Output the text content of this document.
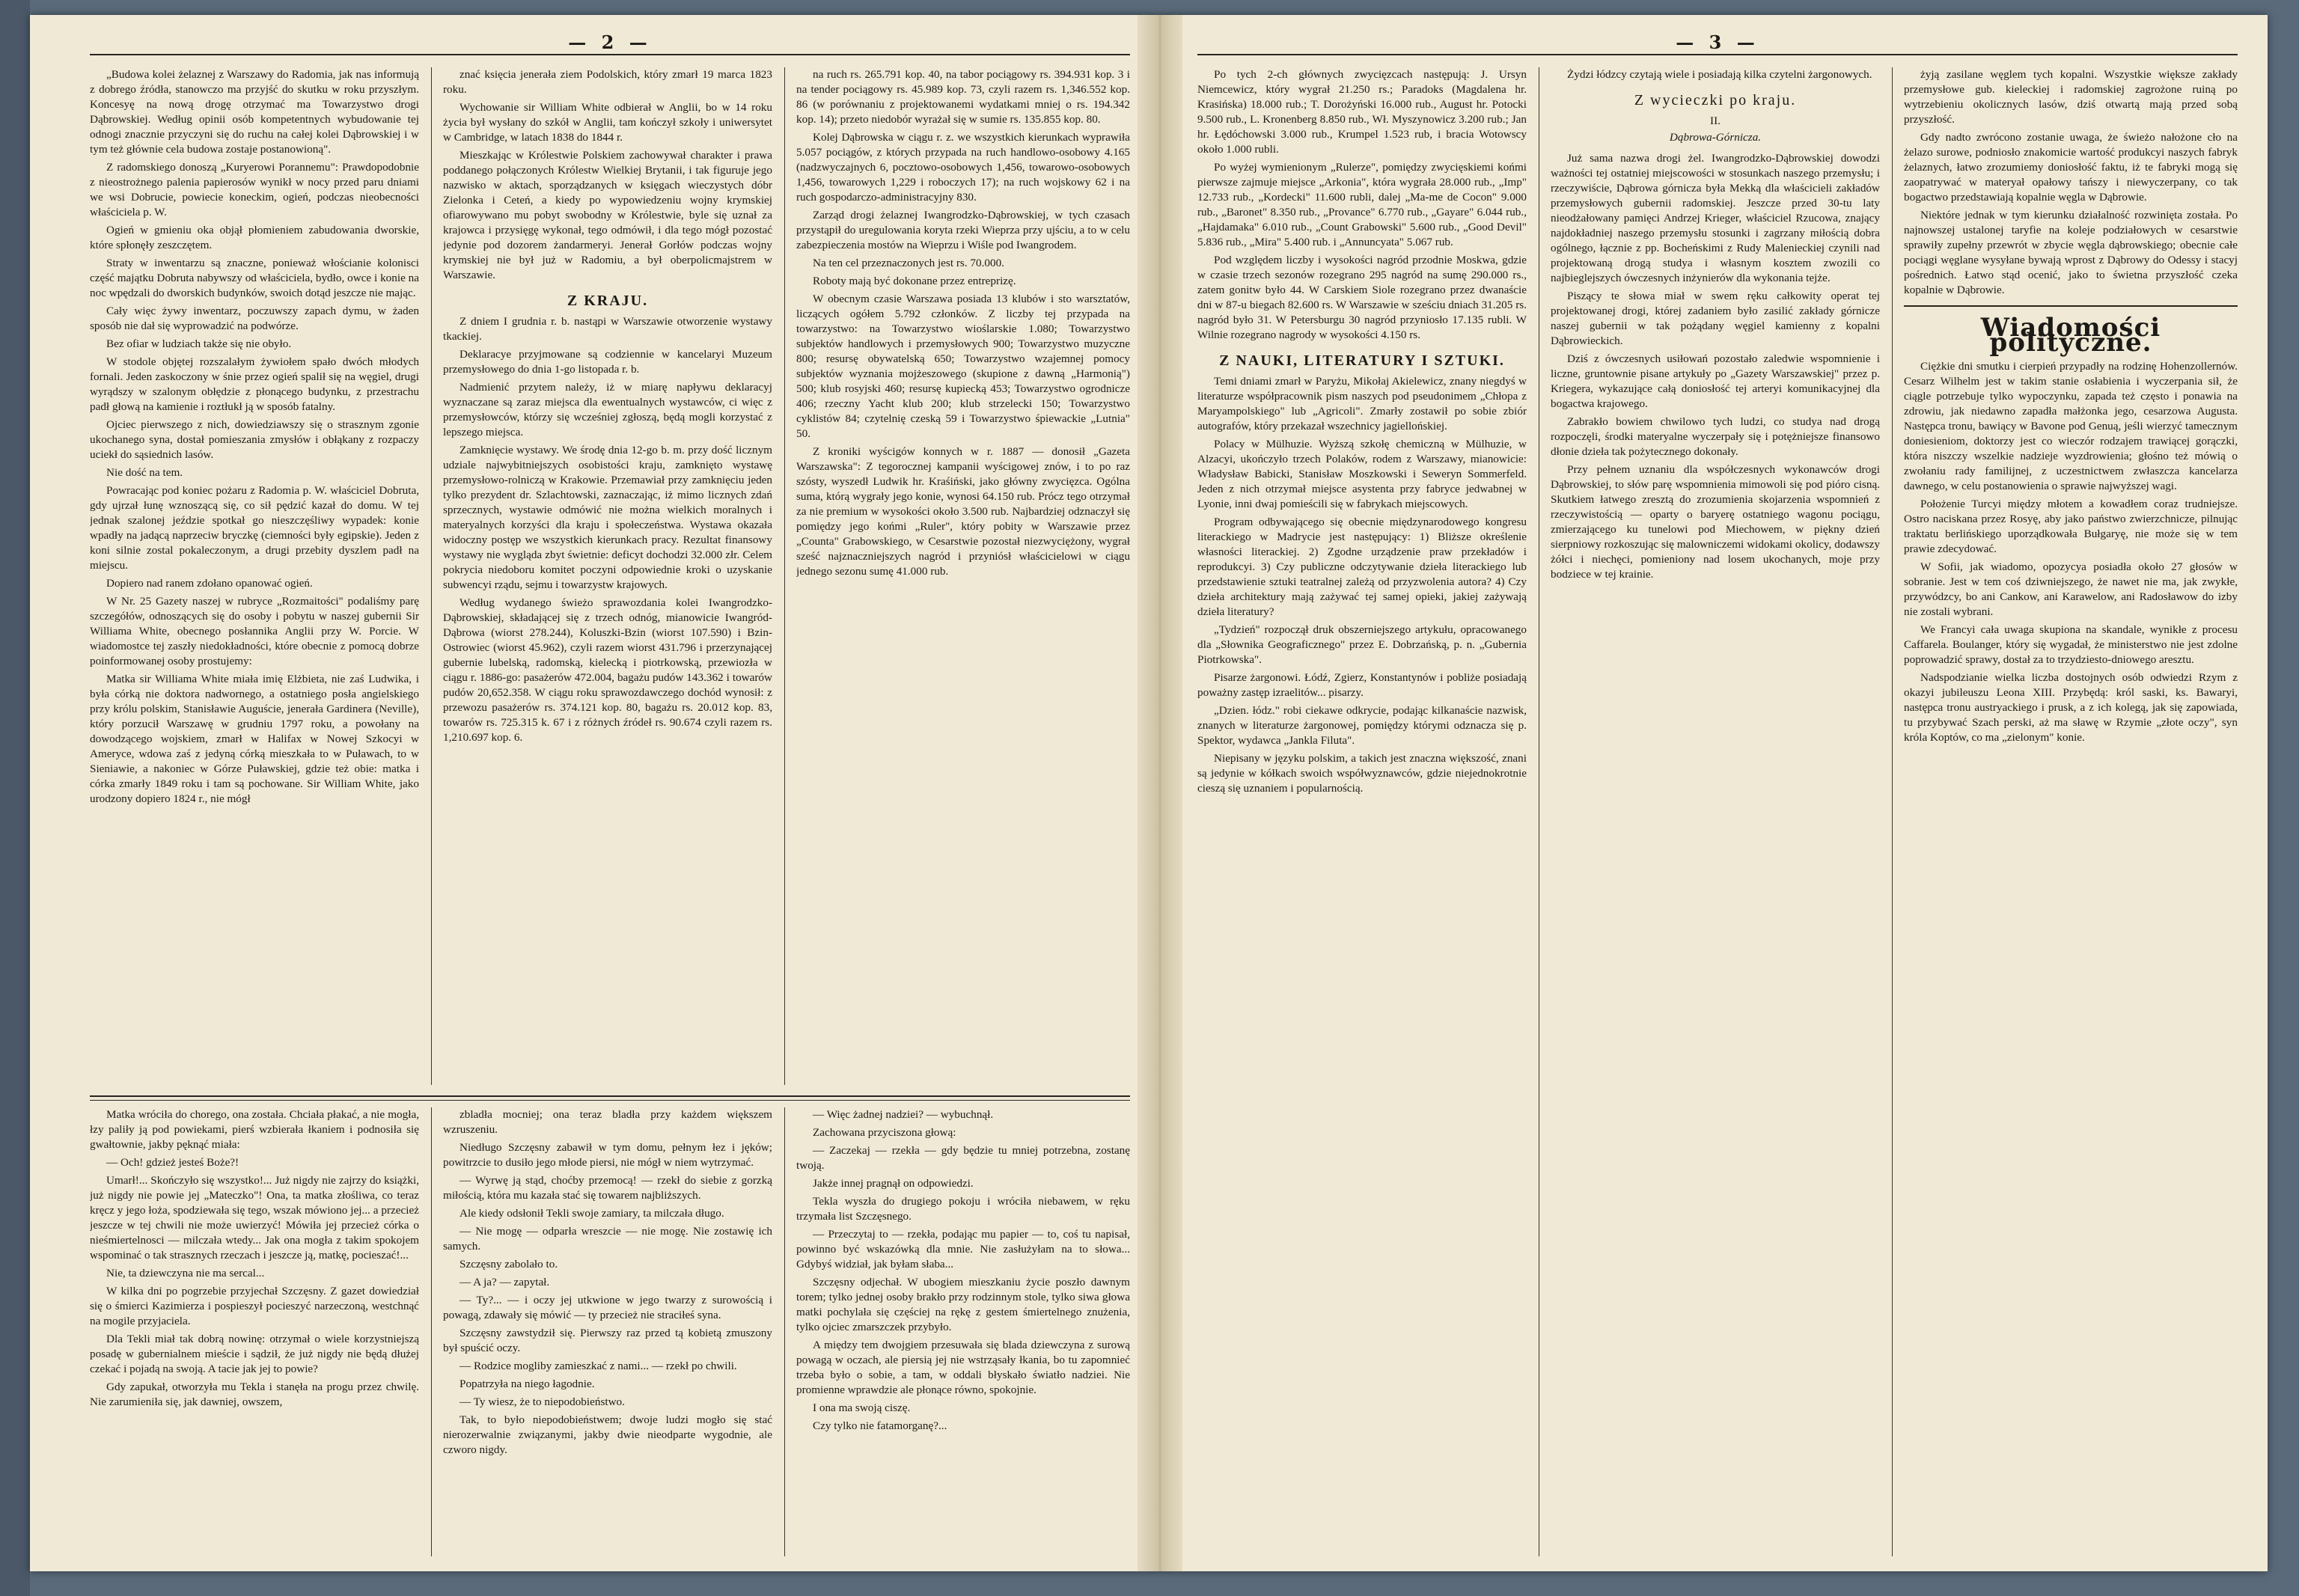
— 2 —

„Budowa kolei żelaznej z Warszawy do Radomia, jak nas informują z dobrego źródła, stanowczo ma przyjść do skutku w roku przyszłym. Koncesyę na nową drogę otrzymać ma Towarzystwo drogi Dąbrowskiej. Według opinii osób kompetentnych wybudowanie tej odnogi znacznie przyczyni się do ruchu na całej kolei Dąbrowskiej i w tym też głównie cela budowa zostaje postanowioną".

Z radomskiego donoszą „Kuryerowi Porannemu": Prawdopodobnie z nieostrożnego palenia papierosów wynikł w nocy przed paru dniami we wsi Dobrucie, powiecie koneckim, ogień, podczas nieobecności właściciela p. W.

Ogień w gmieniu oka objął płomieniem zabudowania dworskie, które spłonęły zeszczętem.

Straty w inwentarzu są znaczne, ponieważ włościanie kolonisci część majątku Dobruta nabywszy od właściciela, bydło, owce i konie na noc wpędzali do dworskich budynków, swoich dotąd jeszcze nie mając.

Cały więc żywy inwentarz, poczuwszy zapach dymu, w żaden sposób nie dał się wyprowadzić na podwórze.

Bez ofiar w ludziach także się nie obyło.

W stodole objętej rozszalałym żywiołem spało dwóch młodych fornali. Jeden zaskoczony w śnie przez ogień spalił się na węgiel, drugi wyrądszy w szalonym obłędzie z płonącego budynku, z przestrachu padł głową na kamienie i roztłukł ją w sposób fatalny.

Ojciec pierwszego z nich, dowiedziawszy się o strasznym zgonie ukochanego syna, dostał pomieszania zmysłów i obłąkany z rozpaczy uciekł do sąsiednich lasów.

Nie dość na tem.

Powracając pod koniec pożaru z Radomia p. W. właściciel Dobruta, gdy ujrzał łunę wznoszącą się, co sił pędzić kazał do domu. W tej jednak szalonej jeździe spotkał go nieszczęśliwy wypadek: konie wpadły na jadącą naprzeciw bryczkę (ciemności były egipskie). Jeden z koni silnie zostal pokaleczonym, a drugi przebity dyszlem padł na miejscu.

Dopiero nad ranem zdołano opanować ogień.

W Nr. 25 Gazety naszej w rubryce „Rozmaitości" podaliśmy parę szczegółów, odnoszących się do osoby i pobytu w naszej gubernii Sir Williama White, obecnego posłannika Anglii przy W. Porcie. W wiadomostce tej zaszły niedokładności, które obecnie z pomocą dobrze poinformowanej osoby prostujemy:

Matka sir Williama White miała imię Elżbieta, nie zaś Ludwika, i była córką nie doktora nadwornego, a ostatniego posła angielskiego przy królu polskim, Stanisławie Auguście, jenerała Gardinera (Neville), który porzucił Warszawę w grudniu 1797 roku, a powołany na dowodzącego wojskiem, zmarł w Halifax w Nowej Szkocyi w Ameryce, wdowa zaś z jedyną córką mieszkała to w Puławach, to w Sieniawie, a nakoniec w Górze Puławskiej, gdzie też obie: matka i córka zmarły 1849 roku i tam są pochowane. Sir William White, jako urodzony dopiero 1824 r., nie mógł

znać księcia jenerała ziem Podolskich, który zmarł 19 marca 1823 roku.

Wychowanie sir William White odbierał w Anglii, bo w 14 roku życia był wysłany do szkół w Anglii, tam kończył szkoły i uniwersytet w Cambridge, w latach 1838 do 1844 r.

Mieszkając w Królestwie Polskiem zachowywał charakter i prawa poddanego połączonych Królestw Wielkiej Brytanii, i tak figuruje jego nazwisko w aktach, sporządzanych w księgach wieczystych dóbr Zielonka i Ceteń, a kiedy po wypowiedzeniu wojny krymskiej ofiarowywano mu pobyt swobodny w Królestwie, byle się uznał za krajowca i przysięgę wykonał, tego odmówił, i dla tego mógł pozostać jedynie pod dozorem żandarmeryi. Jenerał Gorłów podczas wojny krymskiej nie był już w Radomiu, a był oberpolicmajstrem w Warszawie.

Z KRAJU.

Z dniem I grudnia r. b. nastąpi w Warszawie otworzenie wystawy tkackiej.

Deklaracye przyjmowane są codziennie w kancelaryi Muzeum przemysłowego do dnia 1-go listopada r. b.

Nadmienić przytem należy, iż w miarę napływu deklaracyj wyznaczane są zaraz miejsca dla ewentualnych wystawców, ci więc z przemysłowców, którzy się wcześniej zgłoszą, będą mogli korzystać z lepszego miejsca.

Zamknięcie wystawy. We środę dnia 12-go b. m. przy dość licznym udziale najwybitniejszych osobistości kraju, zamknięto wystawę przemysłowo-rolniczą w Krakowie. Przemawiał przy zamknięciu jeden tylko prezydent dr. Szlachtowski, zaznaczając, iż mimo licznych zdań sprzecznych, wystawie odmówić nie można wielkich moralnych i materyalnych korzyści dla kraju i społeczeństwa. Wystawa okazała widoczny postęp we wszystkich kierunkach pracy. Rezultat finansowy wystawy nie wygląda zbyt świetnie: deficyt dochodzi 32.000 złr. Celem pokrycia niedoboru komitet poczyni odpowiednie kroki o uzyskanie subwencyi rządu, sejmu i towarzystw krajowych.

Według wydanego świeżo sprawozdania kolei Iwangrodzko-Dąbrowskiej, składającej się z trzech odnóg, mianowicie Iwangród-Dąbrowa (wiorst 278.244), Koluszki-Bzin (wiorst 107.590) i Bzin-Ostrowiec (wiorst 45.962), czyli razem wiorst 431.796 i przerzynającej gubernie lubelską, radomską, kielecką i piotrkowską, przewiozła w ciągu r. 1886-go: pasażerów 472.004, bagażu pudów 143.362 i towarów pudów 20,652.358. W ciągu roku sprawozdawczego dochód wynosił: z przewozu pasażerów rs. 374.121 kop. 80, bagażu rs. 20.012 kop. 83, towarów rs. 725.315 k. 67 i z różnych źródeł rs. 90.674 czyli razem rs. 1,210.697 kop. 6.

na ruch rs. 265.791 kop. 40, na tabor pociągowy rs. 394.931 kop. 3 i na tender pociągowy rs. 45.989 kop. 73, czyli razem rs. 1,346.552 kop. 86 (w porównaniu z projektowanemi wydatkami mniej o rs. 194.342 kop. 14); przeto niedobór wyrażał się w sumie rs. 135.855 kop. 80.

Kolej Dąbrowska w ciągu r. z. we wszystkich kierunkach wyprawiła 5.057 pociągów, z których przypada na ruch handlowo-osobowy 4.165 (nadzwyczajnych 6, pocztowo-osobowych 1,456, towarowo-osobowych 1,456, towarowych 1,229 i roboczych 17); na ruch wojskowy 62 i na ruch gospodarczo-administracyjny 830.

Zarząd drogi żelaznej Iwangrodzko-Dąbrowskiej, w tych czasach przystąpił do uregulowania koryta rzeki Wieprza przy ujściu, a to w celu zabezpieczenia mostów na Wieprzu i Wiśle pod Iwangrodem.

Na ten cel przeznaczonych jest rs. 70.000.

Roboty mają być dokonane przez entreprizę.

W obecnym czasie Warszawa posiada 13 klubów i sto warsztatów, liczących ogółem 5.792 członków. Z liczby tej przypada na towarzystwo: na Towarzystwo wioślarskie 1.080; Towarzystwo subjektów handlowych i przemysłowych 900; Towarzystwo muzyczne 800; resursę obywatelską 650; Towarzystwo wzajemnej pomocy subjektów wyznania mojżeszowego (skupione z dawną „Harmonią") 500; klub rosyjski 460; resursę kupiecką 453; Towarzystwo ogrodnicze 406; rzeczny Yacht klub 200; klub strzelecki 150; Towarzystwo cyklistów 84; czytelnię czeską 59 i Towarzystwo śpiewackie „Lutnia" 50.

Z kroniki wyścigów konnych w r. 1887 — donosił „Gazeta Warszawska": Z tegorocznej kampanii wyścigowej znów, i to po raz szósty, wyszedł Ludwik hr. Kraśiński, jako główny zwycięzca. Ogólna suma, którą wygrały jego konie, wynosi 64.150 rub. Prócz tego otrzymał za nie premium w wysokości około 3.500 rub. Najbardziej odznaczył się pomiędzy jego końmi „Ruler", który pobity w Warszawie przez „Counta" Grabowskiego, w Cesarstwie pozostał niezwyciężony, wygrał sześć najznaczniejszych nagród i przyniósł właścicielowi w ciągu jednego sezonu sumę 41.000 rub.

Matka wróciła do chorego, ona została. Chciała płakać, a nie mogła, łzy paliły ją pod powiekami, pierś wzbierała łkaniem i podnosiła się gwałtownie, jakby pęknąć miała:

— Och! gdzież jesteś Boże?!

Umarł!... Skończyło się wszystko!... Już nigdy nie zajrzy do książki, już nigdy nie powie jej „Mateczko"! Ona, ta matka złośliwa, co teraz kręcz y jego łoża, spodziewała się tego, wszak mówiono jej... a przecież jeszcze w tej chwili nie może uwierzyć! Mówiła jej przecież córka o nieśmiertelnosci — milczała wtedy... Jak ona mogła z takim spokojem wspominać o tak strasznych rzeczach i jeszcze ją, matkę, pocieszać!...

Nie, ta dziewczyna nie ma sercal...

W kilka dni po pogrzebie przyjechał Szczęsny. Z gazet dowiedział się o śmierci Kazimierza i pospieszył pocieszyć narzeczoną, westchnąć na mogile przyjaciela.

Dla Tekli miał tak dobrą nowinę: otrzymał o wiele korzystniejszą posadę w gubernialnem mieście i sądził, że już nigdy nie będą dłużej czekać i pojadą na swoją. A tacie jak jej to powie?

Gdy zapukał, otworzyła mu Tekla i stanęła na progu przez chwilę. Nie zarumieniła się, jak dawniej, owszem,

zbladła mocniej; ona teraz bladła przy każdem większem wzruszeniu.

Niedługo Szczęsny zabawił w tym domu, pełnym łez i jęków; powitrzcie to dusiło jego młode piersi, nie mógł w niem wytrzymać.

— Wyrwę ją stąd, choćby przemocą! — rzekł do siebie z gorzką miłością, która mu kazała stać się towarem najbliższych.

Ale kiedy odsłonił Tekli swoje zamiary, ta milczała długo.

— Nie mogę — odparła wreszcie — nie mogę. Nie zostawię ich samych.

Szczęsny zabolało to.

— A ja? — zapytał.

— Ty?... — i oczy jej utkwione w jego twarzy z surowością i powagą, zdawały się mówić — ty przecież nie straciłeś syna.

Szczęsny zawstydził się. Pierwszy raz przed tą kobietą zmuszony był spuścić oczy.

— Rodzice mogliby zamieszkać z nami... — rzekł po chwili.

Popatrzyła na niego łagodnie.

— Ty wiesz, że to niepodobieństwo.

Tak, to było niepodobieństwem; dwoje ludzi mogło się stać nierozerwalnie związanymi, jakby dwie nieodparte wygodnie, ale czworo nigdy.

— Więc żadnej nadziei? — wybuchnął.

Zachowana przyciszona głową:

— Zaczekaj — rzekła — gdy będzie tu mniej potrzebna, zostanę twoją.

Jakże innej pragnął on odpowiedzi.

Tekla wyszła do drugiego pokoju i wróciła niebawem, w ręku trzymała list Szczęsnego.

— Przeczytaj to — rzekła, podając mu papier — to, coś tu napisał, powinno być wskazówką dla mnie. Nie zasłużyłam na to słowa... Gdybyś widział, jak byłam słaba...

Szczęsny odjechał. W ubogiem mieszkaniu życie poszło dawnym torem; tylko jednej osoby brakło przy rodzinnym stole, tylko siwa głowa matki pochylała się częściej na rękę z gestem śmiertelnego znużenia, tylko ojciec zmarszczek przybyło.

A między tem dwojgiem przesuwała się blada dziewczyna z surową powagą w oczach, ale piersią jej nie wstrząsały łkania, bo tu zapomnieć trzeba było o sobie, a tam, w oddali błyskało światło nadziei. Nie promienne wprawdzie ale płonące równo, spokojnie.

I ona ma swoją ciszę.

Czy tylko nie fatamorganę?...

— 3 —

Po tych 2-ch głównych zwycięzcach następują: J. Ursyn Niemcewicz, który wygrał 21.250 rs.; Paradoks (Magdalena hr. Krasińska) 18.000 rub.; T. Dorożyński 16.000 rub., August hr. Potocki 9.500 rub., L. Kronenberg 8.850 rub., Wł. Myszynowicz 3.200 rub.; Jan hr. Łędóchowski 3.000 rub., Krumpel 1.523 rub, i bracia Wotowscy około 1.000 rubli.

Po wyżej wymienionym „Rulerze", pomiędzy zwycięskiemi końmi pierwsze zajmuje miejsce „Arkonia", która wygrała 28.000 rub., „Imp" 12.733 rub., „Kordecki" 11.600 rubli, dalej „Ma-me de Cocon" 9.000 rub., „Baronet" 8.350 rub., „Provance" 6.770 rub., „Gayare" 6.044 rub., „Hajdamaka" 6.010 rub., „Count Grabowski" 5.600 rub., „Good Devil" 5.836 rub., „Mira" 5.400 rub. i „Annuncyata" 5.067 rub.

Pod względem liczby i wysokości nagród przodnie Moskwa, gdzie w czasie trzech sezonów rozegrano 295 nagród na sumę 290.000 rs., zatem gonitw było 44. W Carskiem Siole rozegrano przez dwanaście dni w 87-u biegach 82.600 rs. W Warszawie w sześciu dniach 31.205 rs. nagród było 31. W Petersburgu 30 nagród przyniosło 17.135 rubli. W Wilnie rozegrano nagrody w wysokości 4.150 rs.

Z NAUKI, LITERATURY I SZTUKI.

Temi dniami zmarł w Paryżu, Mikołaj Akielewicz, znany niegdyś w literaturze współpracownik pism naszych pod pseudonimem „Chłopa z Maryampolskiego" lub „Agricoli". Zmarły zostawił po sobie zbiór autografów, który przekazał wszechnicy jagiellońskiej.

Polacy w Mülhuzie. Wyższą szkołę chemiczną w Mülhuzie, w Alzacyi, ukończyło trzech Polaków, rodem z Warszawy, mianowicie: Władysław Babicki, Stanisław Moszkowski i Seweryn Sommerfeld. Jeden z nich otrzymał miejsce asystenta przy fabryce jedwabnej w Lyonie, inni dwaj pomieścili się w fabrykach miejscowych.

Program odbywającego się obecnie międzynarodowego kongresu literackiego w Madrycie jest następujący: 1) Bliższe określenie własności literackiej. 2) Zgodne urządzenie praw przekładów i reprodukcyi. 3) Czy publiczne odczytywanie dzieła literackiego lub przedstawienie sztuki teatralnej zależą od przyzwolenia autora? 4) Czy dzieła architektury mają zażywać tej samej opieki, jakiej zażywają dzieła literatury?

„Tydzień" rozpoczął druk obszerniejszego artykułu, opracowanego dla „Słownika Geograficznego" przez E. Dobrzańską, p. n. „Gubernia Piotrkowska".

Pisarze żargonowi. Łódź, Zgierz, Konstantynów i pobliże posiadają poważny zastęp izraelitów... pisarzy.

„Dzien. łódz." robi ciekawe odkrycie, podając kilkanaście nazwisk, znanych w literaturze żargonowej, pomiędzy którymi odznacza się p. Spektor, wydawca „Jankla Filuta".

Niepisany w języku polskim, a takich jest znaczna większość, znani są jedynie w kółkach swoich współwyznawców, gdzie niejednokrotnie cieszą się uznaniem i popularnością.

Żydzi łódzcy czytają wiele i posiadają kilka czytelni żargonowych.

Z wycieczki po kraju.

II.

Dąbrowa-Górnicza.

Już sama nazwa drogi żel. Iwangrodzko-Dąbrowskiej dowodzi ważności tej ostatniej miejscowości w stosunkach naszego przemysłu; i rzeczywiście, Dąbrowa górnicza była Mekką dla właścicieli zakładów przemysłowych gubernii radomskiej. Jeszcze przed 30-tu laty nieodżałowany pamięci Andrzej Krieger, właściciel Rzucowa, znający najdokładniej naszego przemysłu stosunki i zagrzany miłością dobra ogólnego, łącznie z pp. Bocheńskimi z Rudy Malenieckiej czynili nad projektowaną drogą studya i własnym kosztem zwozili co najbieglejszych ówczesnych inżynierów dla wykonania tejże.

Piszący te słowa miał w swem ręku całkowity operat tej projektowanej drogi, której zadaniem było zasilić zakłady górnicze naszej gubernii w tak pożądany węgiel kamienny z kopalni Dąbrowieckich.

Dziś z ówczesnych usiłowań pozostało zaledwie wspomnienie i liczne, gruntownie pisane artykuły po „Gazety Warszawskiej" przez p. Kriegera, wykazujące całą doniosłość tej arteryi komunikacyjnej dla bogactwa krajowego.

Zabrakło bowiem chwilowo tych ludzi, co studya nad drogą rozpoczęli, środki materyalne wyczerpały się i potężniejsze finansowo dłonie dzieła tak pożytecznego dokonały.

Przy pełnem uznaniu dla współczesnych wykonawców drogi Dąbrowskiej, to słów parę wspomnienia mimowoli się pod pióro cisną. Skutkiem łatwego zresztą do zrozumienia skojarzenia wspomnień z rzeczywistością — oparty o baryerę ostatniego wagonu pociągu, zmierzającego ku tunelowi pod Miechowem, w piękny dzień sierpniowy rozkoszując się malowniczemi widokami okolicy, dodawszy żółci i niechęci, pomieniony nad losem ukochanych, moje przy bodziece w tej krainie.

żyją zasilane węglem tych kopalni. Wszystkie większe zakłady przemysłowe gub. kieleckiej i radomskiej zagrożone ruiną po wytrzebieniu okolicznych lasów, dziś otwartą mają przed sobą przyszłość.

Gdy nadto zwrócono zostanie uwaga, że świeżo nałożone cło na żelazo surowe, podniosło znakomicie wartość produkcyi naszych fabryk żelaznych, łatwo zrozumiemy doniosłość faktu, iż te fabryki mogą się zaopatrywać w materyał opałowy tańszy i niewyczerpany, co tak bogactwo przedstawiają kopalnie węgla w Dąbrowie.

Niektóre jednak w tym kierunku działalność rozwinięta została. Po najnowszej ustalonej taryfie na koleje podziałowych w cesarstwie sprawiły zupełny przewrót w zbycie węgla dąbrowskiego; obecnie całe pociągi węglane wysyłane bywają wprost z Dąbrowy do Odessy i stacyj pośrednich. Łatwo stąd ocenić, jako to świetna przyszłość czeka kopalnie w Dąbrowie.

Wiadomości polityczne.

Ciężkie dni smutku i cierpień przypadły na rodzinę Hohenzollernów. Cesarz Wilhelm jest w takim stanie osłabienia i wyczerpania sił, że ciągle potrzebuje tylko wypoczynku, zapada też często i ponawia na zdrowiu, jak niedawno zapadła małżonka jego, cesarzowa Augusta. Następca tronu, bawiący w Bavone pod Genuą, jeśli wierzyć tamecznym doniesieniom, doktorzy jest co wieczór rodzajem trawiącej gorączki, która niszczy wszelkie nadzieje wyzdrowienia; głośno też mówią o zwołaniu rady familijnej, z uczestnictwem zwłaszcza kancelarza dawnego, w celu postanowienia o sprawie najwyższej wagi.

Położenie Turcyi między młotem a kowadłem coraz trudniejsze. Ostro naciskana przez Rosyę, aby jako państwo zwierzchnicze, pilnując traktatu berlińskiego uporządkowała Bułgaryę, nie może się w tem prawie zdecydować.

W Sofii, jak wiadomo, opozycya posiadła około 27 głosów w sobranie. Jest w tem coś dziwniejszego, że nawet nie ma, jak zwykłe, przywódzcy, bo ani Cankow, ani Karawelow, ani Radosławow do izby nie zostali wybrani.

We Francyi cała uwaga skupiona na skandale, wynikłe z procesu Caffarela. Boulanger, który się wygadał, że ministerstwo nie jest zdolne poprowadzić sprawy, dostał za to trzydziesto-dniowego aresztu.

Nadspodzianie wielka liczba dostojnych osób odwiedzi Rzym z okazyi jubileuszu Leona XIII. Przybędą: król saski, ks. Bawaryi, następca tronu austryackiego i prusk, a z ich kolegą, jak się zapowiada, tu przybywać Szach perski, aż ma sławę w Rzymie „złote oczy", syn króla Koptów, co ma „zielonym" konie.
